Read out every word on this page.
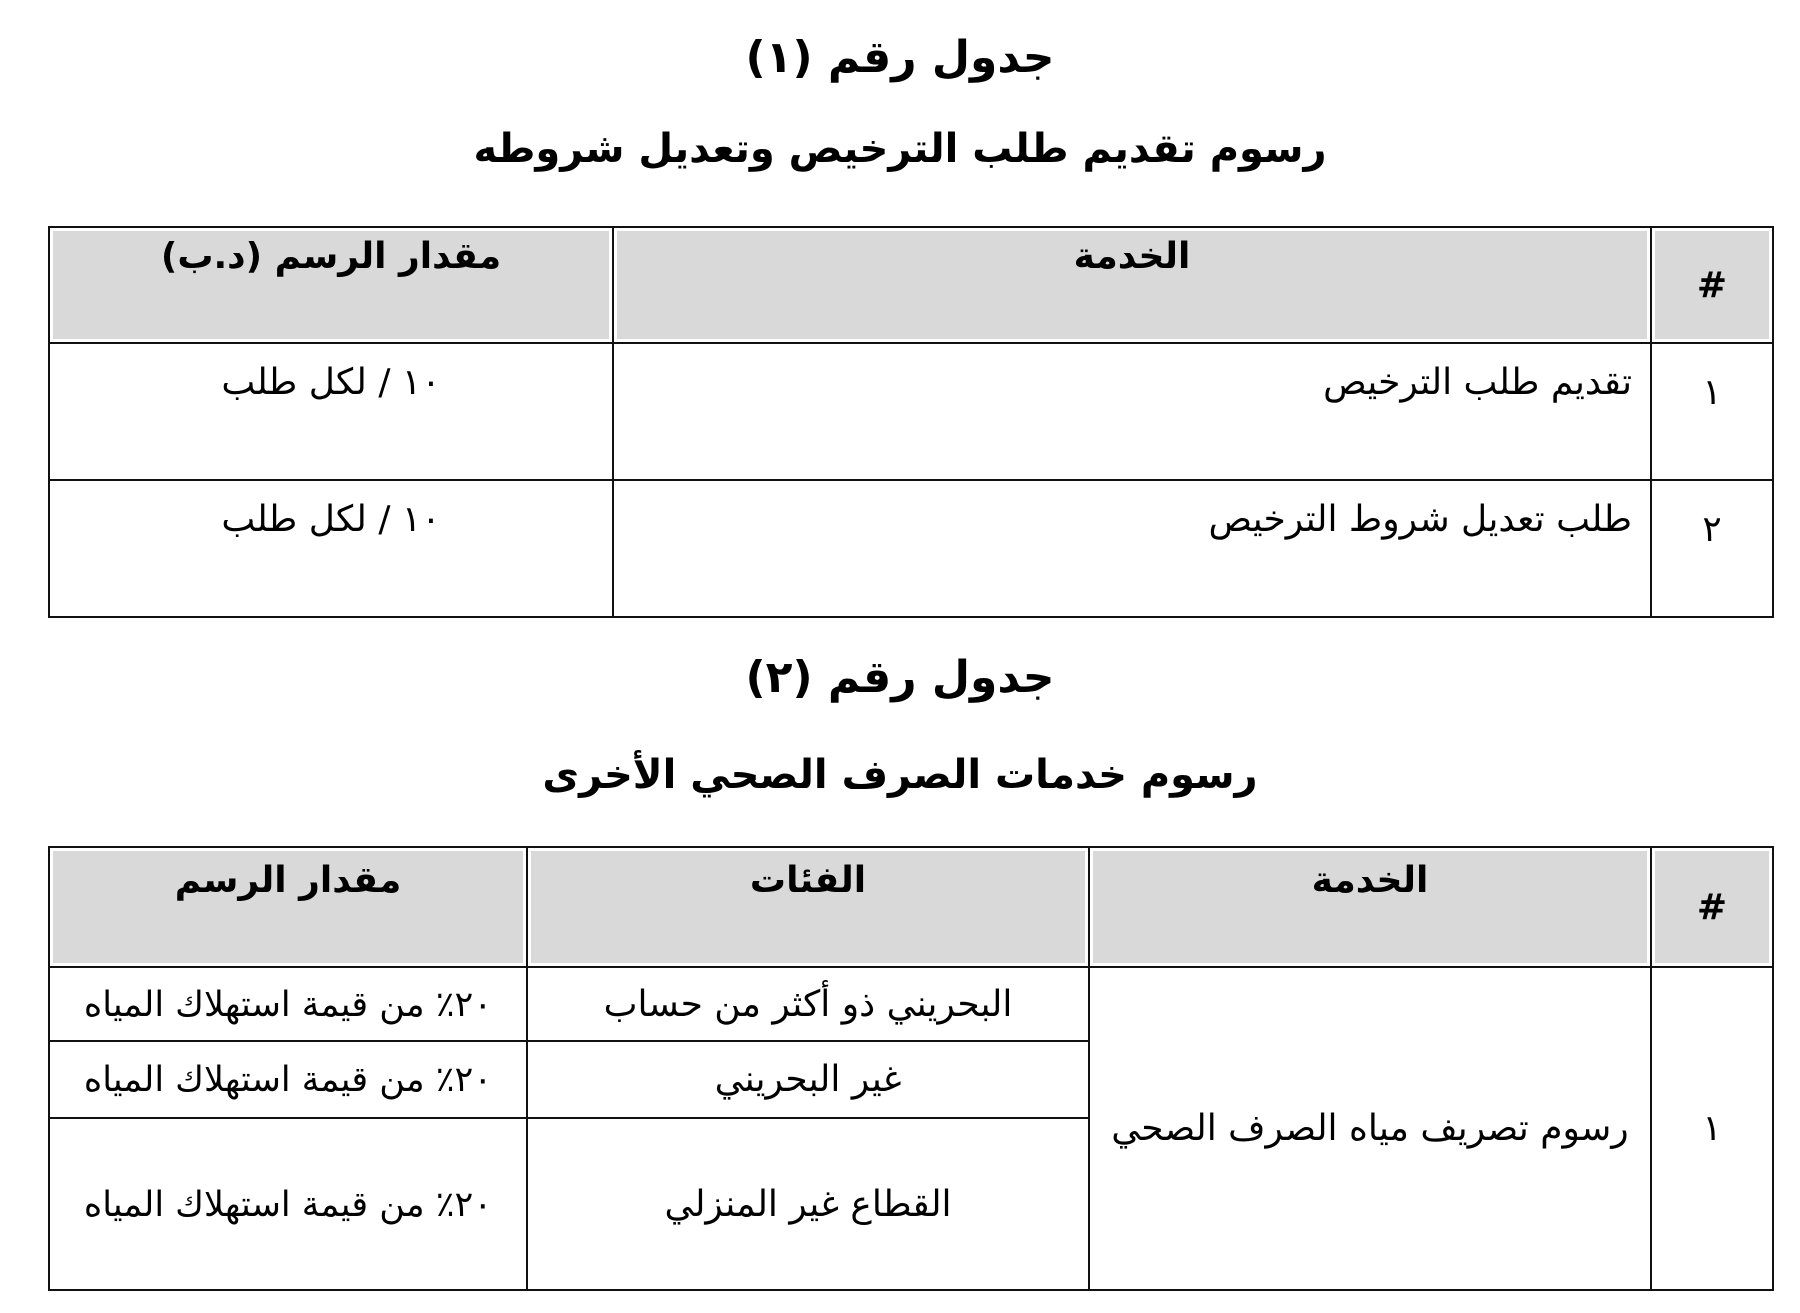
جدول رقم (١)
رسوم تقديم طلب الترخيص وتعديل شروطه
#	الخدمة	مقدار الرسم (د.ب)
١	تقديم طلب الترخيص	١٠ / لكل طلب
٢	طلب تعديل شروط الترخيص	١٠ / لكل طلب
جدول رقم (٢)
رسوم خدمات الصرف الصحي الأخرى
#	الخدمة	الفئات	مقدار الرسم
١	رسوم تصريف مياه الصرف الصحي	البحريني ذو أكثر من حساب	٢٠٪ من قيمة استهلاك المياه
		غير البحريني	٢٠٪ من قيمة استهلاك المياه
		القطاع غير المنزلي	٢٠٪ من قيمة استهلاك المياه
